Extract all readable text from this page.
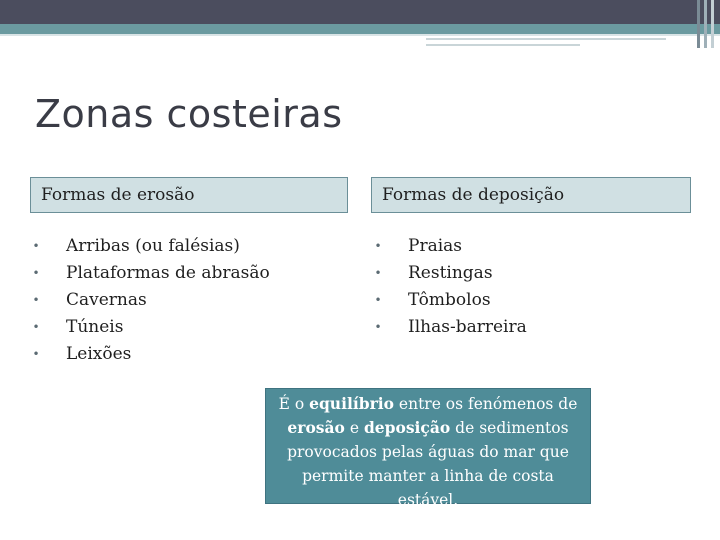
Zonas costeiras
Formas de erosão
• Arribas (ou falésias)
• Plataformas de abrasão
• Cavernas
• Túneis
• Leixões
Formas de deposição
• Praias
• Restingas
• Tômbolos
• Ilhas-barreira
É o equilíbrio entre os fenómenos de erosão e deposição de sedimentos provocados pelas águas do mar que permite manter a linha de costa estável.
